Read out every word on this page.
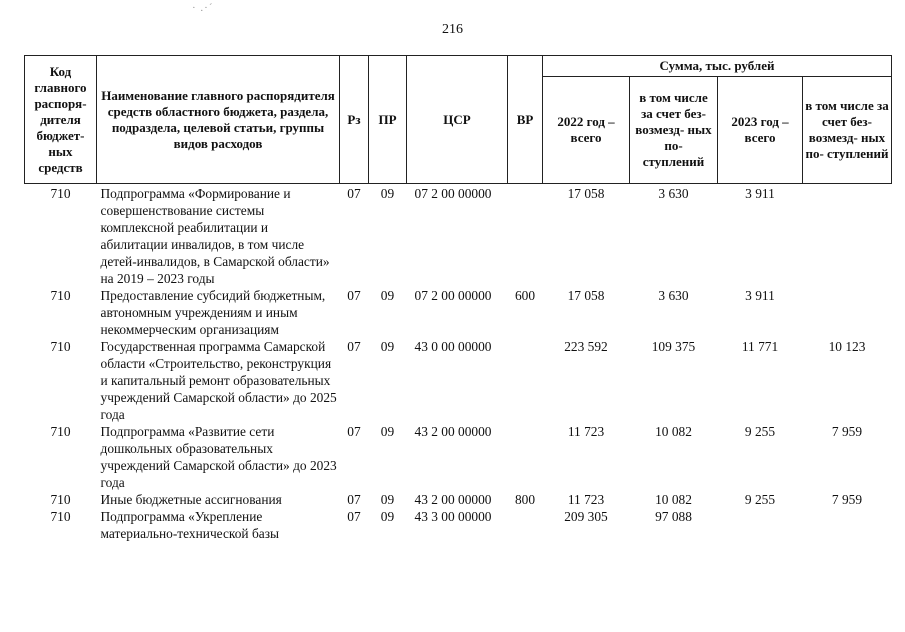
· .·´
216
Код главного распоря- дителя бюджет- ных средств	Наименование главного распорядителя средств областного бюджета, раздела, подраздела, целевой статьи, группы видов расходов	Рз	ПР	ЦСР	ВР	Сумма, тыс. рублей			
						2022 год – всего	в том числе за счет без- возмезд- ных по- ступлений	2023 год – всего	в том числе за счет без- возмезд- ных по- ступлений
710	Подпрограмма «Формирование и совершенствование системы комплексной реабилитации и абилитации инвалидов, в том числе детей-инвалидов, в Самарской области» на 2019 – 2023 годы	07	09	07 2 00 00000		17 058	3 630	3 911	
710	Предоставление субсидий бюджетным, автономным учреждениям и иным некоммерческим организациям	07	09	07 2 00 00000	600	17 058	3 630	3 911	
710	Государственная программа Самарской области «Строительство, реконструкция и капитальный ремонт образовательных учреждений Самарской области» до 2025 года	07	09	43 0 00 00000		223 592	109 375	11 771	10 123
710	Подпрограмма «Развитие сети дошкольных образовательных учреждений Самарской области» до 2023 года	07	09	43 2 00 00000		11 723	10 082	9 255	7 959
710	Иные бюджетные ассигнования	07	09	43 2 00 00000	800	11 723	10 082	9 255	7 959
710	Подпрограмма «Укрепление материально-технической базы	07	09	43 3 00 00000		209 305	97 088		
